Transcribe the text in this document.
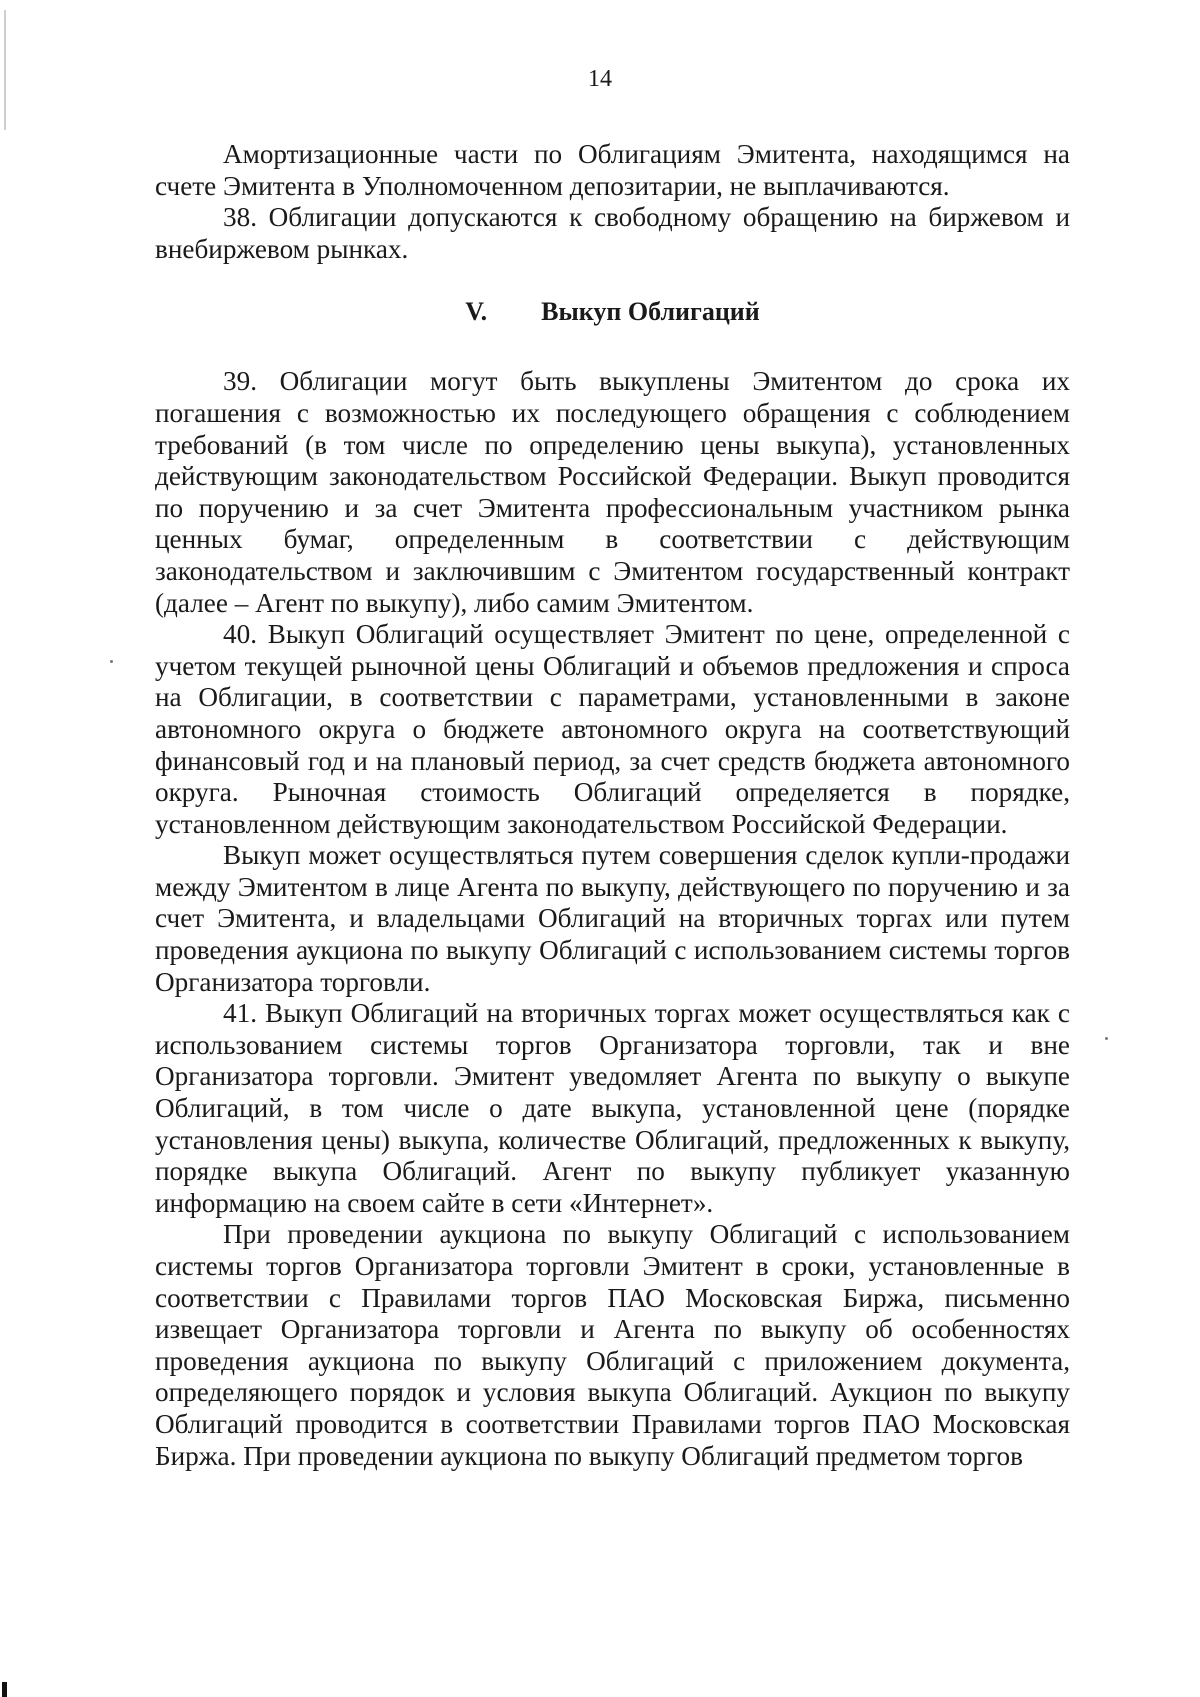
14

Амортизационные части по Облигациям Эмитента, находящимся на счете Эмитента в Уполномоченном депозитарии, не выплачиваются.

38. Облигации допускаются к свободному обращению на биржевом и внебиржевом рынках.

V. Выкуп Облигаций

39. Облигации могут быть выкуплены Эмитентом до срока их погашения с возможностью их последующего обращения с соблюдением требований (в том числе по определению цены выкупа), установленных действующим законодательством Российской Федерации. Выкуп проводится по поручению и за счет Эмитента профессиональным участником рынка ценных бумаг, определенным в соответствии с действующим законодательством и заключившим с Эмитентом государственный контракт (далее – Агент по выкупу), либо самим Эмитентом.

40. Выкуп Облигаций осуществляет Эмитент по цене, определенной с учетом текущей рыночной цены Облигаций и объемов предложения и спроса на Облигации, в соответствии с параметрами, установленными в законе автономного округа о бюджете автономного округа на соответствующий финансовый год и на плановый период, за счет средств бюджета автономного округа. Рыночная стоимость Облигаций определяется в порядке, установленном действующим законодательством Российской Федерации.

Выкуп может осуществляться путем совершения сделок купли-продажи между Эмитентом в лице Агента по выкупу, действующего по поручению и за счет Эмитента, и владельцами Облигаций на вторичных торгах или путем проведения аукциона по выкупу Облигаций с использованием системы торгов Организатора торговли.

41. Выкуп Облигаций на вторичных торгах может осуществляться как с использованием системы торгов Организатора торговли, так и вне Организатора торговли. Эмитент уведомляет Агента по выкупу о выкупе Облигаций, в том числе о дате выкупа, установленной цене (порядке установления цены) выкупа, количестве Облигаций, предложенных к выкупу, порядке выкупа Облигаций. Агент по выкупу публикует указанную информацию на своем сайте в сети «Интернет».

При проведении аукциона по выкупу Облигаций с использованием системы торгов Организатора торговли Эмитент в сроки, установленные в соответствии с Правилами торгов ПАО Московская Биржа, письменно извещает Организатора торговли и Агента по выкупу об особенностях проведения аукциона по выкупу Облигаций с приложением документа, определяющего порядок и условия выкупа Облигаций. Аукцион по выкупу Облигаций проводится в соответствии Правилами торгов ПАО Московская Биржа. При проведении аукциона по выкупу Облигаций предметом торгов
